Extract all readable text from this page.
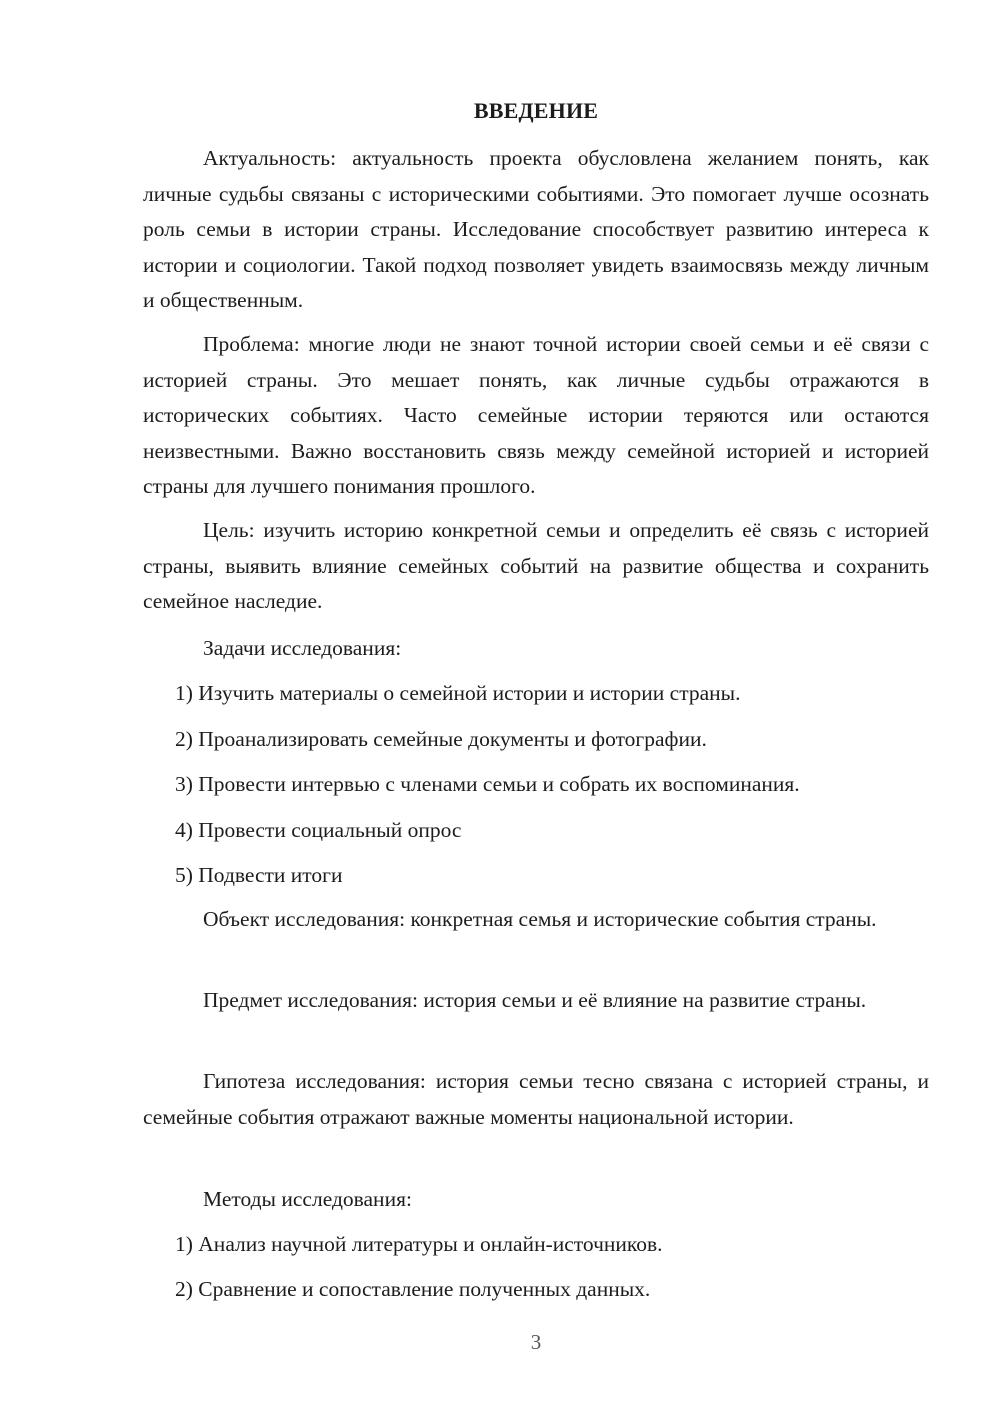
ВВЕДЕНИЕ

Актуальность: актуальность проекта обусловлена желанием понять, как личные судьбы связаны с историческими событиями. Это помогает лучше осознать роль семьи в истории страны. Исследование способствует развитию интереса к истории и социологии. Такой подход позволяет увидеть взаимосвязь между личным и общественным.

Проблема: многие люди не знают точной истории своей семьи и её связи с историей страны. Это мешает понять, как личные судьбы отражаются в исторических событиях. Часто семейные истории теряются или остаются неизвестными. Важно восстановить связь между семейной историей и историей страны для лучшего понимания прошлого.

Цель: изучить историю конкретной семьи и определить её связь с историей страны, выявить влияние семейных событий на развитие общества и сохранить семейное наследие.

Задачи исследования:
1) Изучить материалы о семейной истории и истории страны.
2) Проанализировать семейные документы и фотографии.
3) Провести интервью с членами семьи и собрать их воспоминания.
4) Провести социальный опрос
5) Подвести итоги

Объект исследования: конкретная семья и исторические события страны.

Предмет исследования: история семьи и её влияние на развитие страны.

Гипотеза исследования: история семьи тесно связана с историей страны, и семейные события отражают важные моменты национальной истории.

Методы исследования:
1) Анализ научной литературы и онлайн-источников.
2) Сравнение и сопоставление полученных данных.
3
